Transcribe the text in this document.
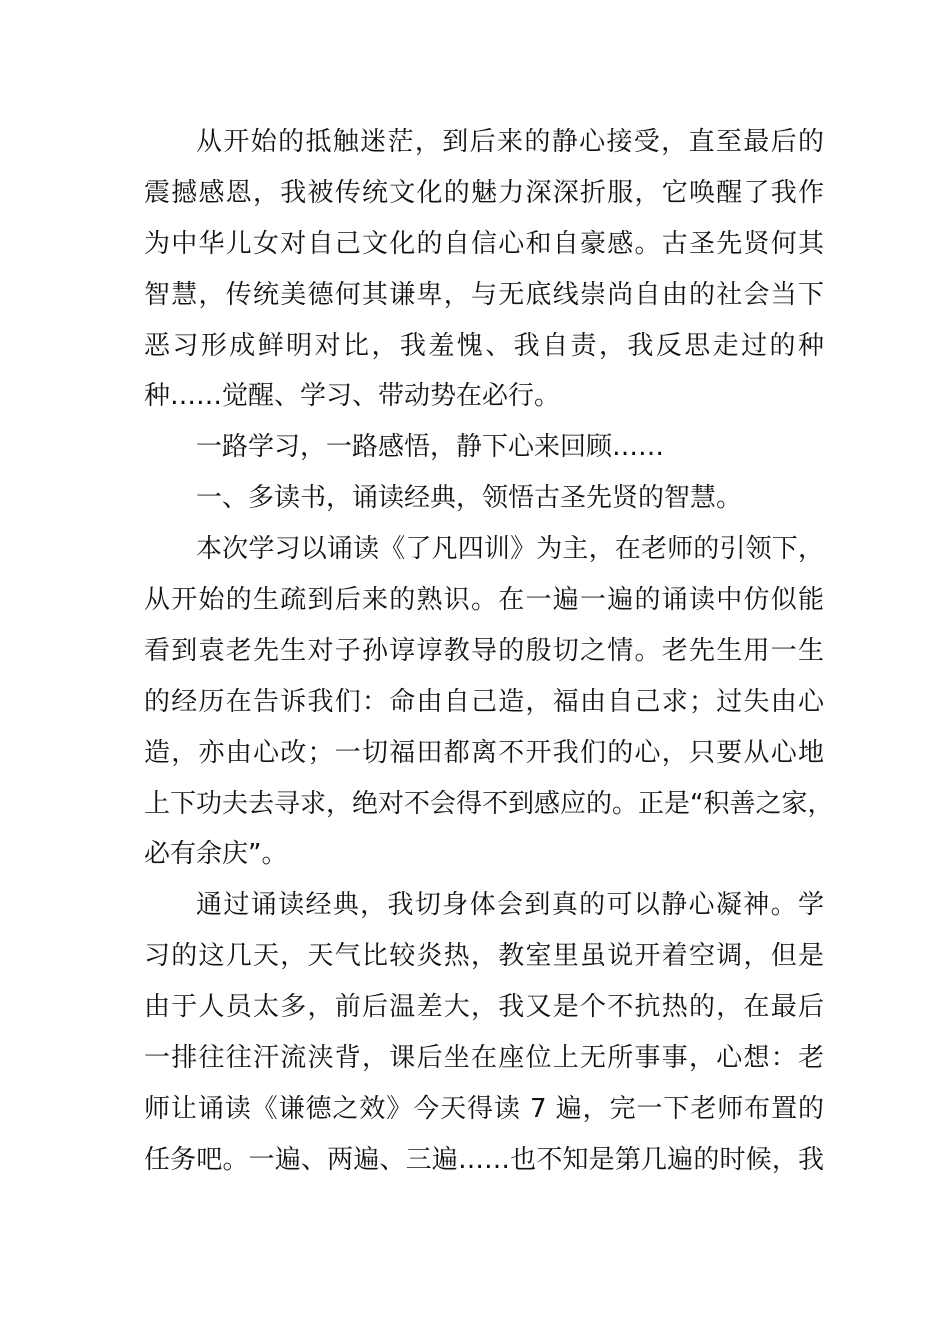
从开始的抵触迷茫，到后来的静心接受，直至最后的
震撼感恩，我被传统文化的魅力深深折服，它唤醒了我作
为中华儿女对自己文化的自信心和自豪感。古圣先贤何其
智慧，传统美德何其谦卑，与无底线崇尚自由的社会当下
恶习形成鲜明对比，我羞愧、我自责，我反思走过的种
种……觉醒、学习、带动势在必行。
一路学习，一路感悟，静下心来回顾……
一、多读书，诵读经典，领悟古圣先贤的智慧。
本次学习以诵读《了凡四训》为主，在老师的引领下，
从开始的生疏到后来的熟识。在一遍一遍的诵读中仿似能
看到袁老先生对子孙谆谆教导的殷切之情。老先生用一生
的经历在告诉我们：命由自己造，福由自己求；过失由心
造，亦由心改；一切福田都离不开我们的心，只要从心地
上下功夫去寻求，绝对不会得不到感应的。正是“积善之家，
必有余庆”。
通过诵读经典，我切身体会到真的可以静心凝神。学
习的这几天，天气比较炎热，教室里虽说开着空调，但是
由于人员太多，前后温差大，我又是个不抗热的，在最后
一排往往汗流浃背，课后坐在座位上无所事事，心想：老
师让诵读《谦德之效》今天得读 7 遍，完一下老师布置的
任务吧。一遍、两遍、三遍……也不知是第几遍的时候，我
